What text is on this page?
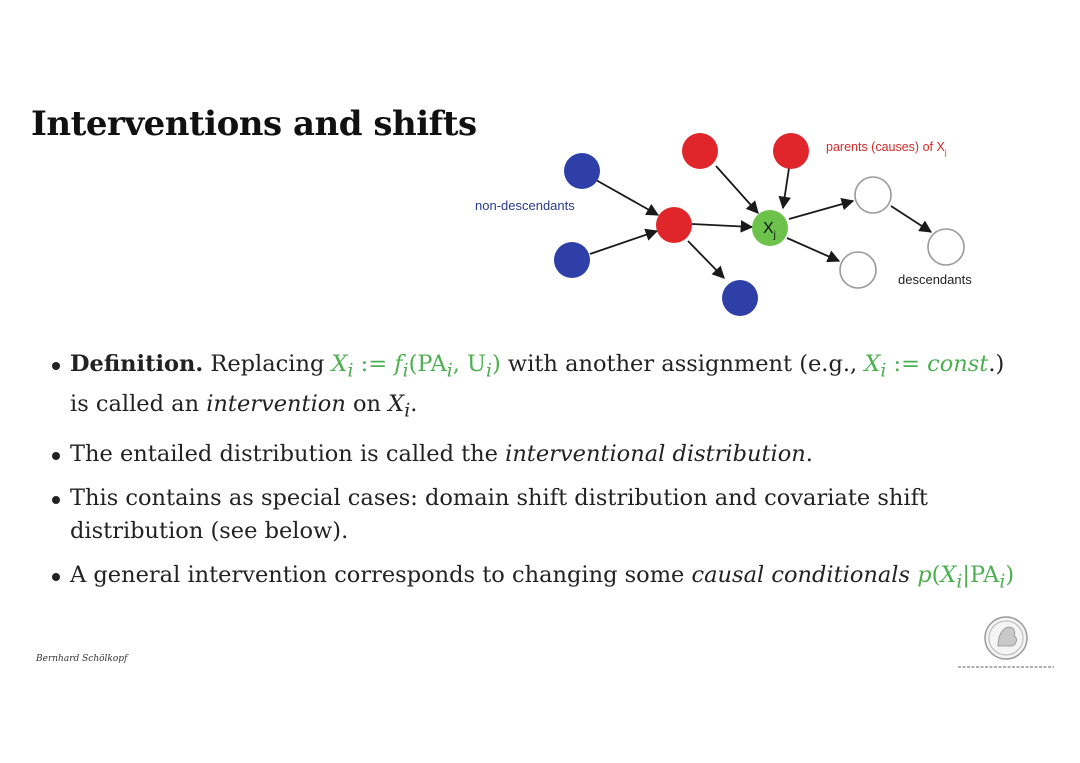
Interventions and shifts
$X_j$
parents (causes) of $X_j$
non-descendants
descendants
Definition. Replacing $X_i$ := $f_i(PA_i$, $U_i$) with another assignment (e.g., $X_i$ := const.)
is called an intervention on $X_i$.
The entailed distribution is called the interventional distribution.
This contains as special cases: domain shift distribution and covariate shift distribution (see below).
A general intervention corresponds to changing some causal conditionals $p(X_i|PA_i)$
Bernhard Schölkopf
